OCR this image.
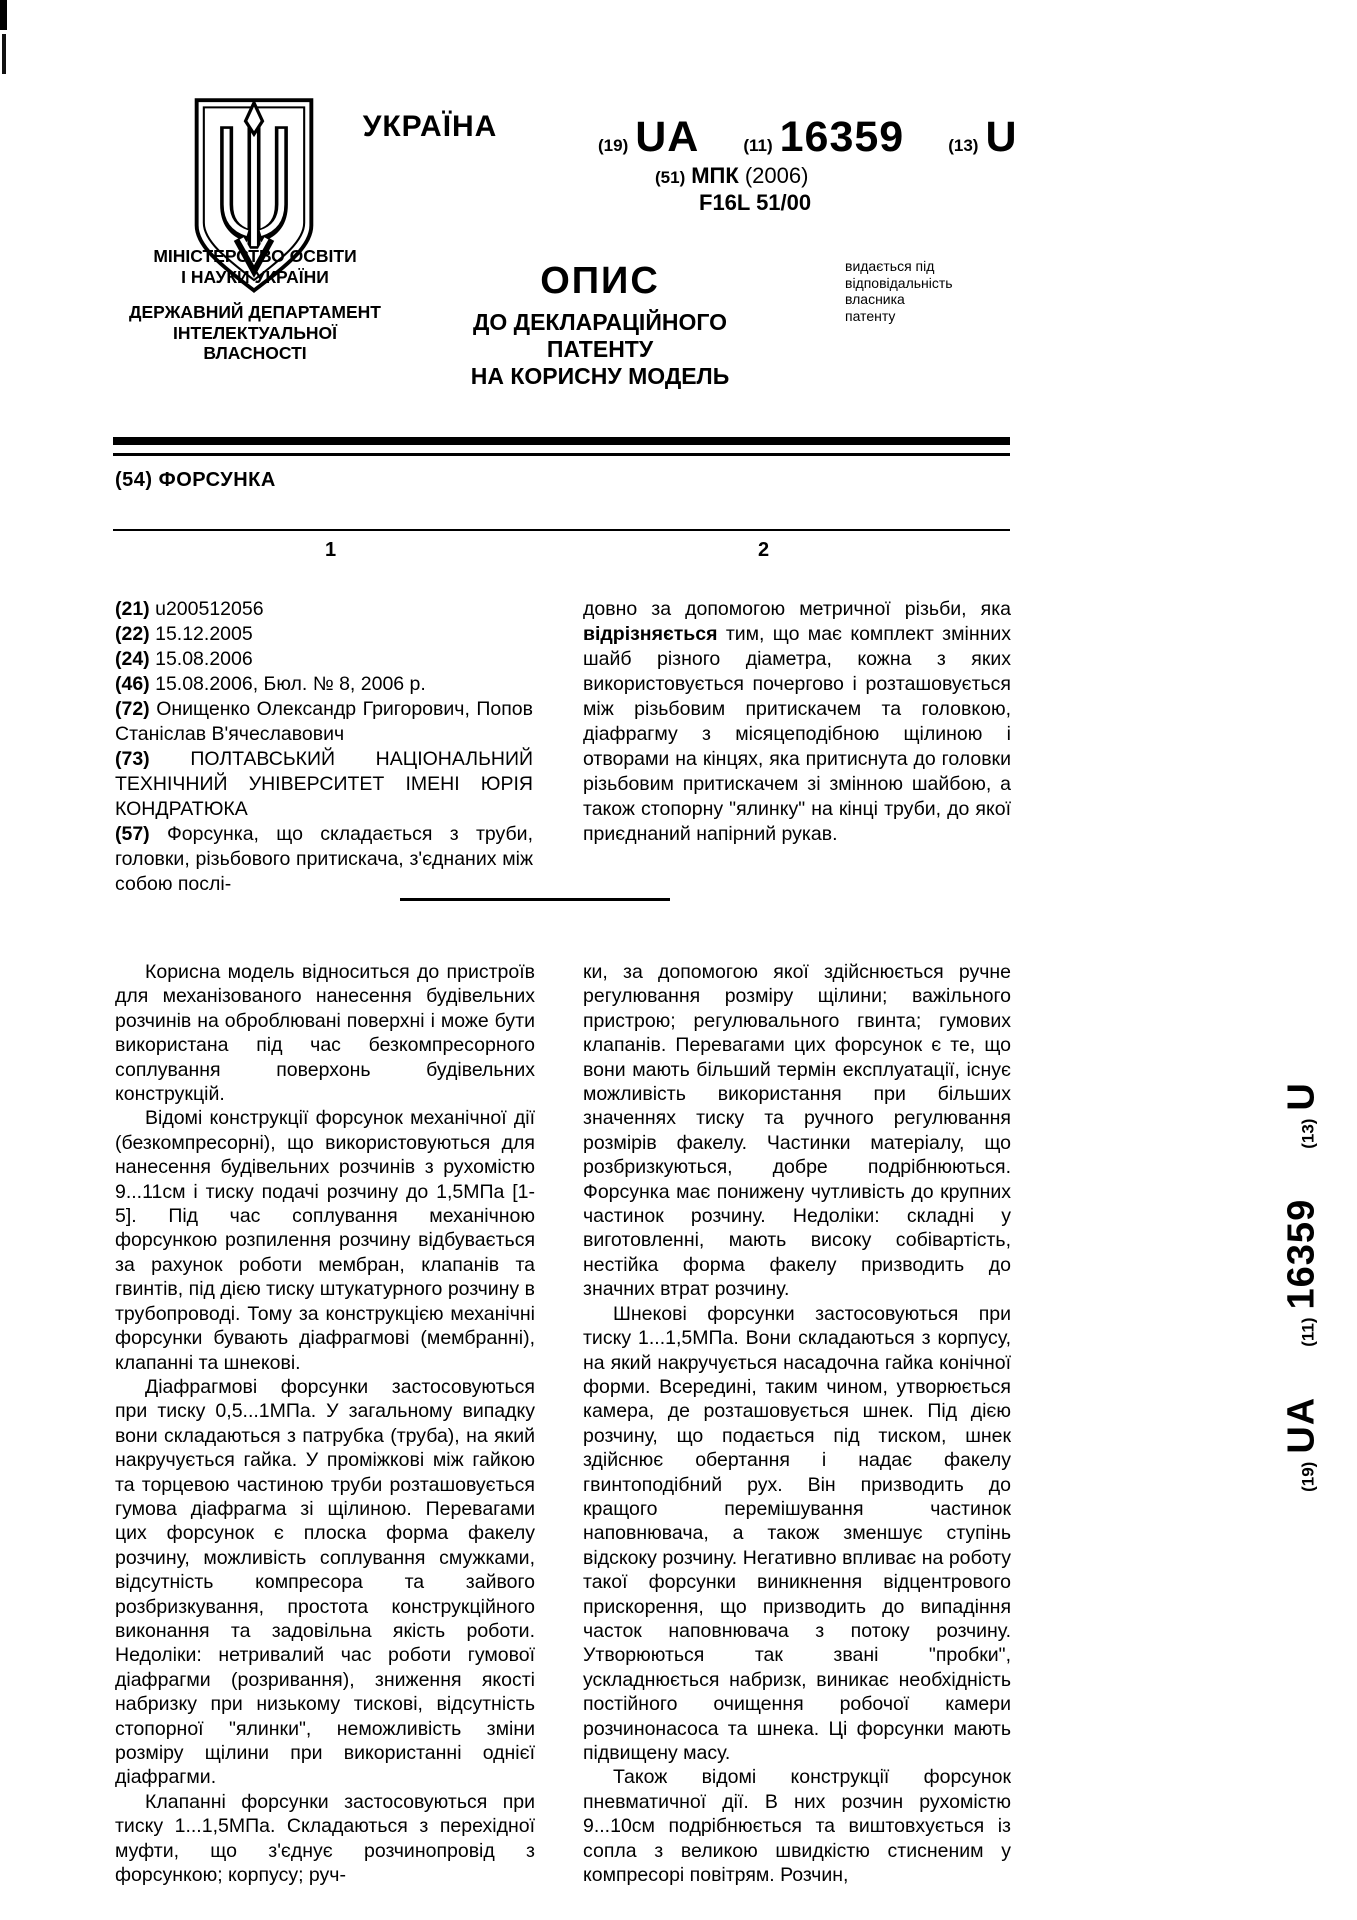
УКРАЇНА
(19) UA	(11) 16359	(13) U
(51) МПК (2006)
F16L 51/00
МІНІСТЕРСТВО ОСВІТИ
І НАУКИ УКРАЇНИ
ДЕРЖАВНИЙ ДЕПАРТАМЕНТ
ІНТЕЛЕКТУАЛЬНОЇ
ВЛАСНОСТІ
ОПИС
ДО ДЕКЛАРАЦІЙНОГО ПАТЕНТУ
НА КОРИСНУ МОДЕЛЬ
видається під
відповідальність
власника
патенту
(54) ФОРСУНКА
1	2
(21) u200512056
(22) 15.12.2005
(24) 15.08.2006
(46) 15.08.2006, Бюл. № 8, 2006 р.
(72) Онищенко Олександр Григорович, Попов Станіслав В'ячеславович
(73) ПОЛТАВСЬКИЙ НАЦІОНАЛЬНИЙ ТЕХНІЧНИЙ УНІВЕРСИТЕТ ІМЕНІ ЮРІЯ КОНДРАТЮКА
(57) Форсунка, що складається з труби, головки, різьбового притискача, з'єднаних між собою послі-

довно за допомогою метричної різьби, яка відрізняється тим, що має комплект змінних шайб різного діаметра, кожна з яких використовується почергово і розташовується між різьбовим притискачем та головкою, діафрагму з місяцеподібною щілиною і отворами на кінцях, яка притиснута до головки різьбовим притискачем зі змінною шайбою, а також стопорну "ялинку" на кінці труби, до якої приєднаний напірний рукав.

Корисна модель відноситься до пристроїв для механізованого нанесення будівельних розчинів на оброблювані поверхні і може бути використана під час безкомпресорного соплування поверхонь будівельних конструкцій.

Відомі конструкції форсунок механічної дії (безкомпресорні), що використовуються для нанесення будівельних розчинів з рухомістю 9...11см і тиску подачі розчину до 1,5МПа [1-5]. Під час соплування механічною форсункою розпилення розчину відбувається за рахунок роботи мембран, клапанів та гвинтів, під дією тиску штукатурного розчину в трубопроводі. Тому за конструкцією механічні форсунки бувають діафрагмові (мембранні), клапанні та шнекові.

Діафрагмові форсунки застосовуються при тиску 0,5...1МПа. У загальному випадку вони складаються з патрубка (труба), на який накручується гайка. У проміжкові між гайкою та торцевою частиною труби розташовується гумова діафрагма зі щілиною. Перевагами цих форсунок є плоска форма факелу розчину, можливість соплування смужками, відсутність компресора та зайвого розбризкування, простота конструкційного виконання та задовільна якість роботи. Недоліки: нетривалий час роботи гумової діафрагми (розривання), зниження якості набризку при низькому тискові, відсутність стопорної "ялинки", неможливість зміни розміру щілини при використанні однієї діафрагми.

Клапанні форсунки застосовуються при тиску 1...1,5МПа. Складаються з перехідної муфти, що з'єднує розчинопровід з форсункою; корпусу; руч-

ки, за допомогою якої здійснюється ручне регулювання розміру щілини; важільного пристрою; регулювального гвинта; гумових клапанів. Перевагами цих форсунок є те, що вони мають більший термін експлуатації, існує можливість використання при більших значеннях тиску та ручного регулювання розмірів факелу. Частинки матеріалу, що розбризкуються, добре подрібнюються. Форсунка має понижену чутливість до крупних частинок розчину. Недоліки: складні у виготовленні, мають високу собівартість, нестійка форма факелу призводить до значних втрат розчину.

Шнекові форсунки застосовуються при тиску 1...1,5МПа. Вони складаються з корпусу, на який накручується насадочна гайка конічної форми. Всередині, таким чином, утворюється камера, де розташовується шнек. Під дією розчину, що подається під тиском, шнек здійснює обертання і надає факелу гвинтоподібний рух. Він призводить до кращого перемішування частинок наповнювача, а також зменшує ступінь відскоку розчину. Негативно впливає на роботу такої форсунки виникнення відцентрового прискорення, що призводить до випадіння часток наповнювача з потоку розчину. Утворюються так звані "пробки", ускладнюється набризк, виникає необхідність постійного очищення робочої камери розчинонасоса та шнека. Ці форсунки мають підвищену масу.

Також відомі конструкції форсунок пневматичної дії. В них розчин рухомістю 9...10см подрібнюється та виштовхується із сопла з великою швидкістю стисненим у компресорі повітрям. Розчин,

(19)UA(11)16359(13)U
